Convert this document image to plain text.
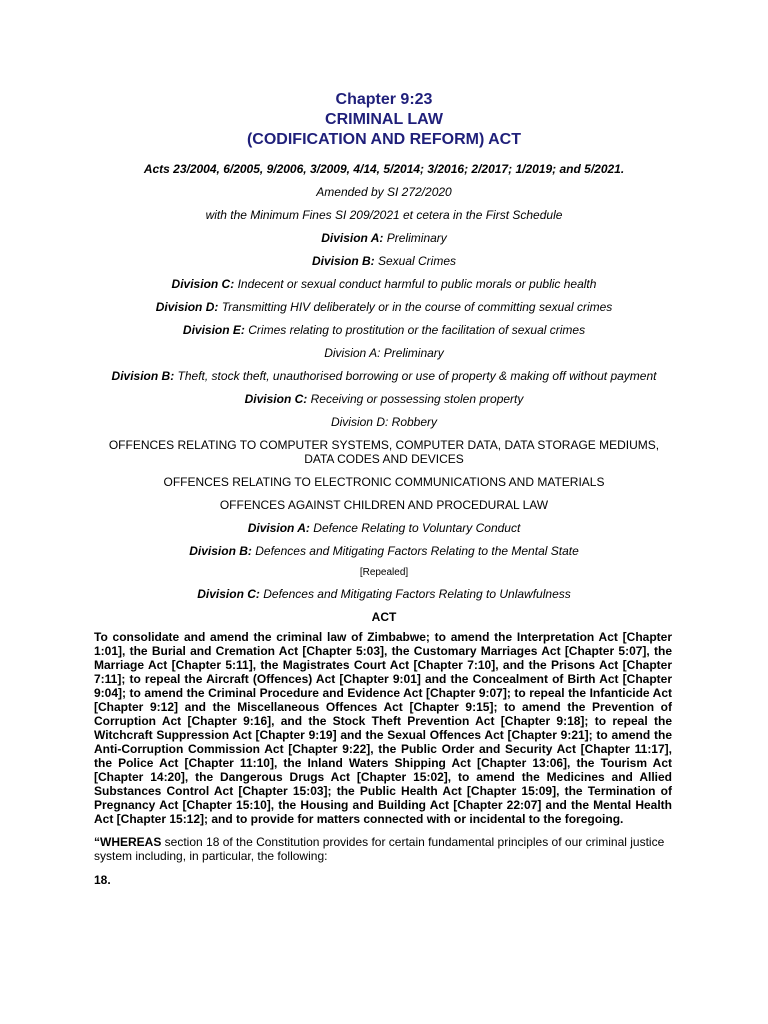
Chapter 9:23
CRIMINAL LAW
(CODIFICATION AND REFORM) ACT
Acts 23/2004, 6/2005, 9/2006, 3/2009, 4/14, 5/2014; 3/2016; 2/2017; 1/2019; and 5/2021.
Amended by SI 272/2020
with the Minimum Fines SI 209/2021 et cetera in the First Schedule
Division A: Preliminary
Division B: Sexual Crimes
Division C: Indecent or sexual conduct harmful to public morals or public health
Division D: Transmitting HIV deliberately or in the course of committing sexual crimes
Division E: Crimes relating to prostitution or the facilitation of sexual crimes
Division A: Preliminary
Division B: Theft, stock theft, unauthorised borrowing or use of property & making off without payment
Division C: Receiving or possessing stolen property
Division D: Robbery
OFFENCES RELATING TO COMPUTER SYSTEMS, COMPUTER DATA, DATA STORAGE MEDIUMS, DATA CODES AND DEVICES
OFFENCES RELATING TO ELECTRONIC COMMUNICATIONS AND MATERIALS
OFFENCES AGAINST CHILDREN AND PROCEDURAL LAW
Division A: Defence Relating to Voluntary Conduct
Division B: Defences and Mitigating Factors Relating to the Mental State
[Repealed]
Division C: Defences and Mitigating Factors Relating to Unlawfulness
ACT
To consolidate and amend the criminal law of Zimbabwe; to amend the Interpretation Act [Chapter 1:01], the Burial and Cremation Act [Chapter 5:03], the Customary Marriages Act [Chapter 5:07], the Marriage Act [Chapter 5:11], the Magistrates Court Act [Chapter 7:10], and the Prisons Act [Chapter 7:11]; to repeal the Aircraft (Offences) Act [Chapter 9:01] and the Concealment of Birth Act [Chapter 9:04]; to amend the Criminal Procedure and Evidence Act [Chapter 9:07]; to repeal the Infanticide Act [Chapter 9:12] and the Miscellaneous Offences Act [Chapter 9:15]; to amend the Prevention of Corruption Act [Chapter 9:16], and the Stock Theft Prevention Act [Chapter 9:18]; to repeal the Witchcraft Suppression Act [Chapter 9:19] and the Sexual Offences Act [Chapter 9:21]; to amend the Anti-Corruption Commission Act [Chapter 9:22], the Public Order and Security Act [Chapter 11:17], the Police Act [Chapter 11:10], the Inland Waters Shipping Act [Chapter 13:06], the Tourism Act [Chapter 14:20], the Dangerous Drugs Act [Chapter 15:02], to amend the Medicines and Allied Substances Control Act [Chapter 15:03]; the Public Health Act [Chapter 15:09], the Termination of Pregnancy Act [Chapter 15:10], the Housing and Building Act [Chapter 22:07] and the Mental Health Act [Chapter 15:12]; and to provide for matters connected with or incidental to the foregoing.
“WHEREAS section 18 of the Constitution provides for certain fundamental principles of our criminal justice system including, in particular, the following:
18.
